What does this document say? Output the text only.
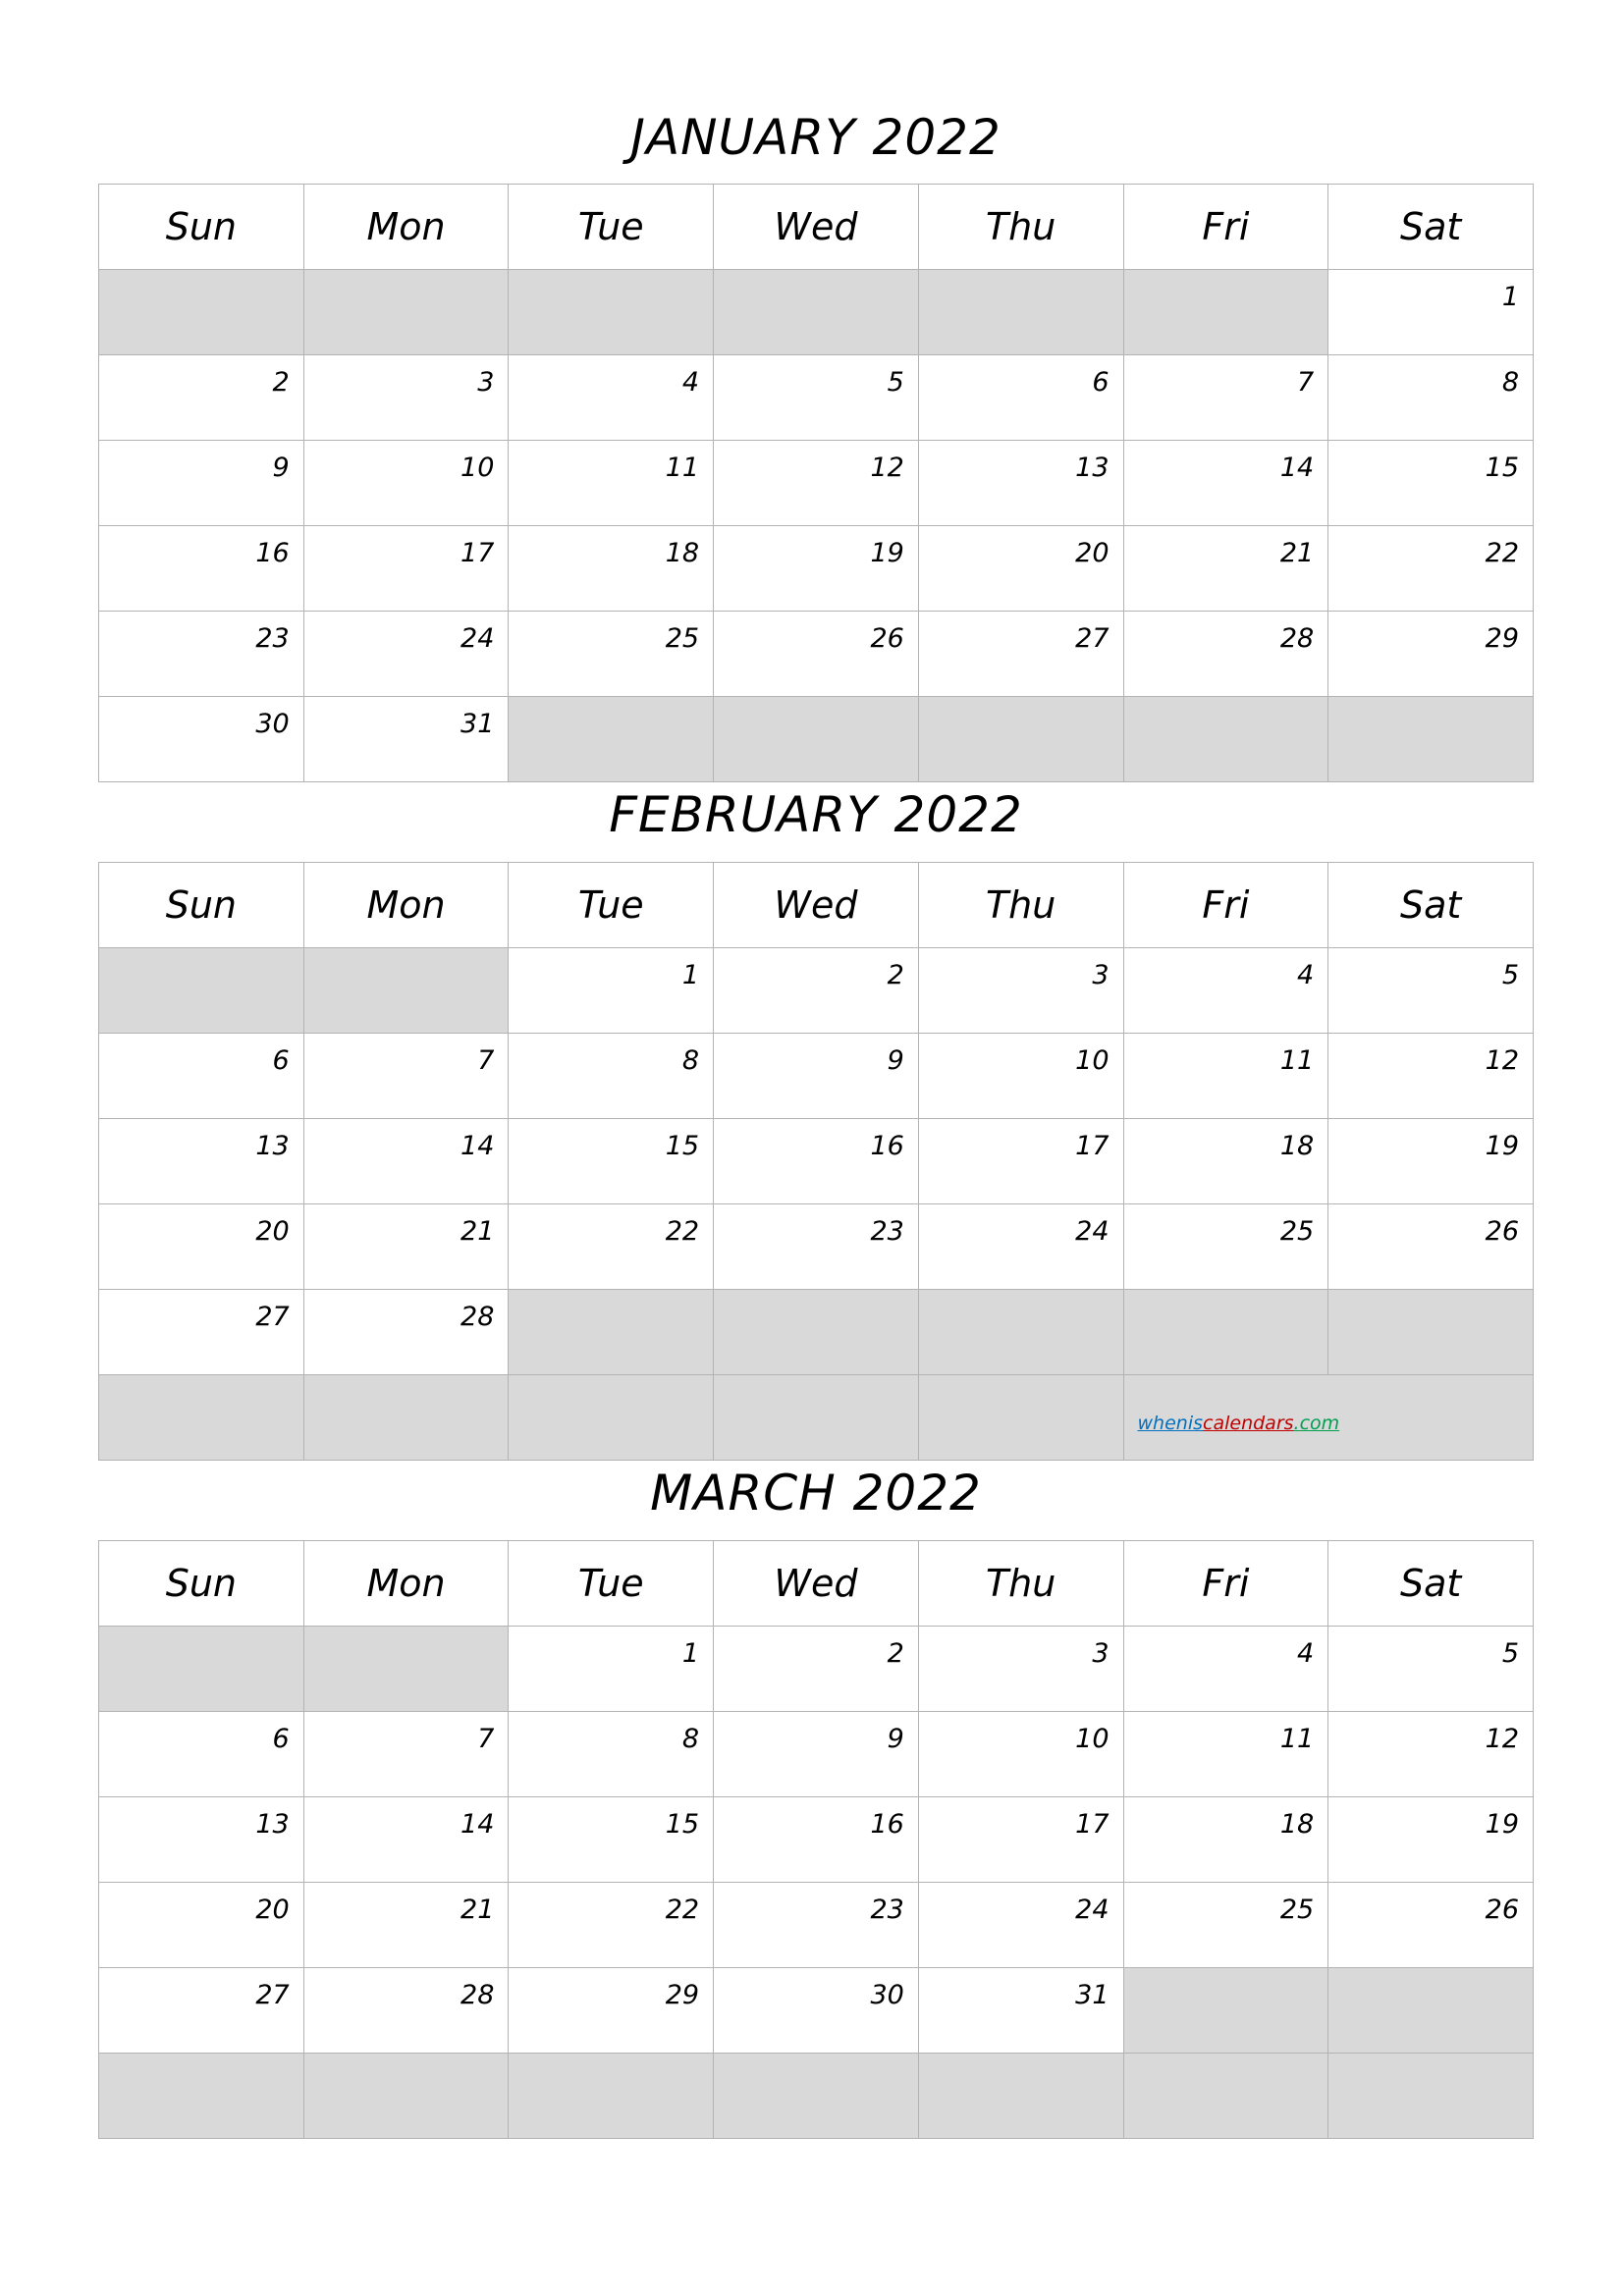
JANUARY 2022
Sun	Mon	Tue	Wed	Thu	Fri	Sat

						1

2	3	4	5	6	7	8

9	10	11	12	13	14	15

16	17	18	19	20	21	22

23	24	25	26	27	28	29

30	31					

FEBRUARY 2022
Sun	Mon	Tue	Wed	Thu	Fri	Sat

		1	2	3	4	5

6	7	8	9	10	11	12

13	14	15	16	17	18	19

20	21	22	23	24	25	26

27	28					

					wheniscalendars.com	
MARCH 2022
Sun	Mon	Tue	Wed	Thu	Fri	Sat

		1	2	3	4	5

6	7	8	9	10	11	12

13	14	15	16	17	18	19

20	21	22	23	24	25	26

27	28	29	30	31		
